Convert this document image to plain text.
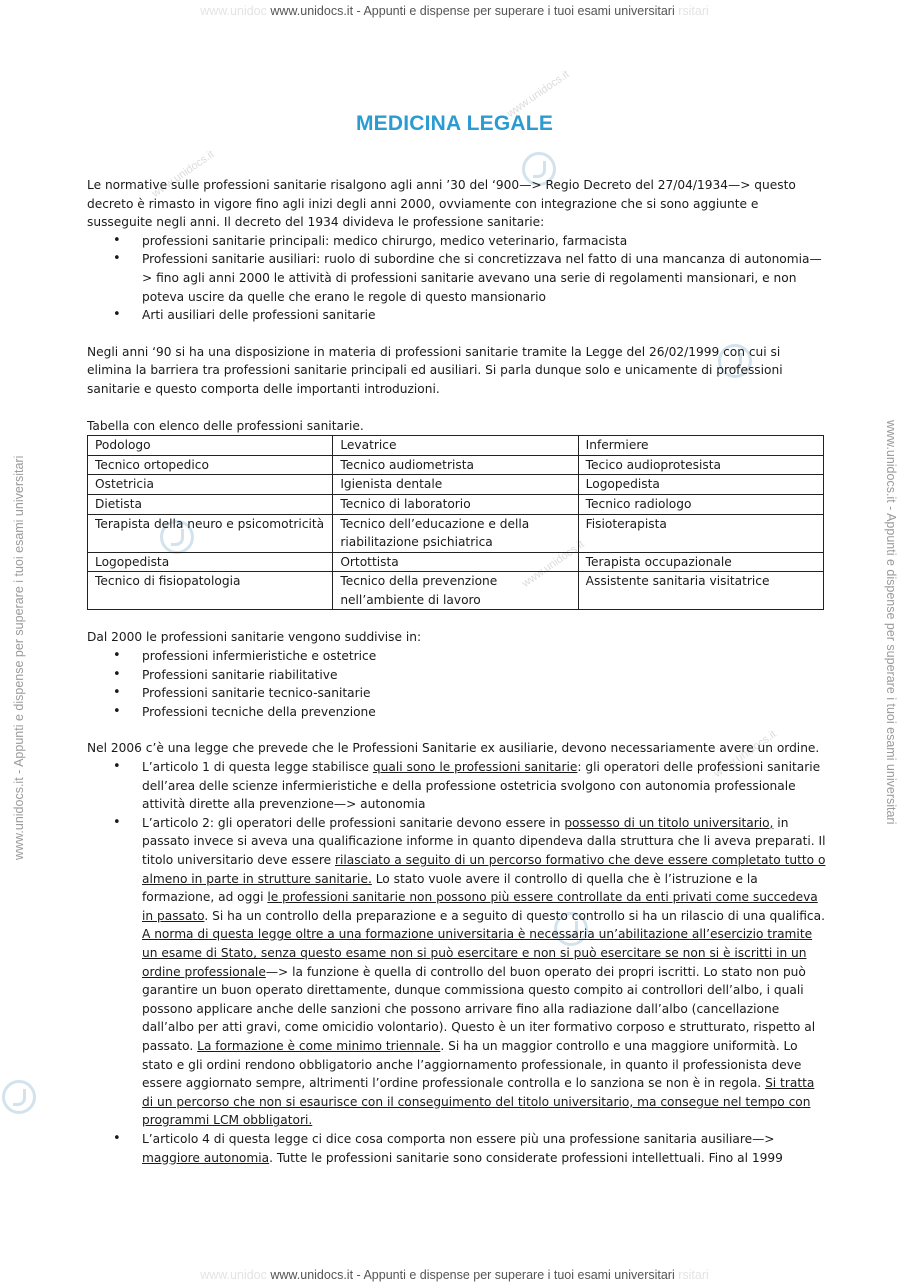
www.unidoc www.unidocs.it - Appunti e dispense per superare i tuoi esami universitari rsitari
www.unidocs.it - Appunti e dispense per superare i tuoi esami universitari	www.unidocs.it - Appunti e dispense per superare i tuoi esami universitari
www.unidocs.it
www.unidocs.it
www.unidocs.it
www.unidocs.it
MEDICINA LEGALE

Le normative sulle professioni sanitarie risalgono agli anni ’30 del ‘900—> Regio Decreto del 27/04/1934—> questo decreto è rimasto in vigore fino agli inizi degli anni 2000, ovviamente con integrazione che si sono aggiunte e susseguite negli anni. Il decreto del 1934 divideva le professione sanitarie:

• professioni sanitarie principali: medico chirurgo, medico veterinario, farmacista
• Professioni sanitarie ausiliari: ruolo di subordine che si concretizzava nel fatto di una mancanza di autonomia—> fino agli anni 2000 le attività di professioni sanitarie avevano una serie di regolamenti mansionari, e non poteva uscire da quelle che erano le regole di questo mansionario
• Arti ausiliari delle professioni sanitarie

Negli anni ‘90 si ha una disposizione in materia di professioni sanitarie tramite la Legge del 26/02/1999 con cui si elimina la barriera tra professioni sanitarie principali ed ausiliari. Si parla dunque solo e unicamente di professioni sanitarie e questo comporta delle importanti introduzioni.

Tabella con elenco delle professioni sanitarie.

Podologo	Levatrice	Infermiere
Tecnico ortopedico	Tecnico audiometrista	Tecico audioprotesista
Ostetricia	Igienista dentale	Logopedista
Dietista	Tecnico di laboratorio	Tecnico radiologo
Terapista della neuro e psicomotricità	Tecnico dell’educazione e della riabilitazione psichiatrica	Fisioterapista
Logopedista	Ortottista	Terapista occupazionale
Tecnico di fisiopatologia	Tecnico della prevenzione nell’ambiente di lavoro	Assistente sanitaria visitatrice

Dal 2000 le professioni sanitarie vengono suddivise in:

• professioni infermieristiche e ostetrice
• Professioni sanitarie riabilitative
• Professioni sanitarie tecnico-sanitarie
• Professioni tecniche della prevenzione

Nel 2006 c’è una legge che prevede che le Professioni Sanitarie ex ausiliarie, devono necessariamente avere un ordine.

• L’articolo 1 di questa legge stabilisce quali sono le professioni sanitarie: gli operatori delle professioni sanitarie dell’area delle scienze infermieristiche e della professione ostetricia svolgono con autonomia professionale attività dirette alla prevenzione—> autonomia
• L’articolo 2: gli operatori delle professioni sanitarie devono essere in possesso di un titolo universitario, in passato invece si aveva una qualificazione informe in quanto dipendeva dalla struttura che li aveva preparati. Il titolo universitario deve essere rilasciato a seguito di un percorso formativo che deve essere completato tutto o almeno in parte in strutture sanitarie. Lo stato vuole avere il controllo di quella che è l’istruzione e la formazione, ad oggi le professioni sanitarie non possono più essere controllate da enti privati come succedeva in passato. Si ha un controllo della preparazione e a seguito di questo controllo si ha un rilascio di una qualifica. A norma di questa legge oltre a una formazione universitaria è necessaria un’abilitazione all’esercizio tramite un esame di Stato, senza questo esame non si può esercitare e non si può esercitare se non si è iscritti in un ordine professionale—> la funzione è quella di controllo del buon operato dei propri iscritti. Lo stato non può garantire un buon operato direttamente, dunque commissiona questo compito ai controllori dell’albo, i quali possono applicare anche delle sanzioni che possono arrivare fino alla radiazione dall’albo (cancellazione dall’albo per atti gravi, come omicidio volontario). Questo è un iter formativo corposo e strutturato, rispetto al passato. La formazione è come minimo triennale. Si ha un maggior controllo e una maggiore uniformità. Lo stato e gli ordini rendono obbligatorio anche l’aggiornamento professionale, in quanto il professionista deve essere aggiornato sempre, altrimenti l’ordine professionale controlla e lo sanziona se non è in regola. Si tratta di un percorso che non si esaurisce con il conseguimento del titolo universitario, ma consegue nel tempo con programmi LCM obbligatori.
• L’articolo 4 di questa legge ci dice cosa comporta non essere più una professione sanitaria ausiliare—> maggiore autonomia. Tutte le professioni sanitarie sono considerate professioni intellettuali. Fino al 1999
www.unidoc www.unidocs.it - Appunti e dispense per superare i tuoi esami universitari rsitari
